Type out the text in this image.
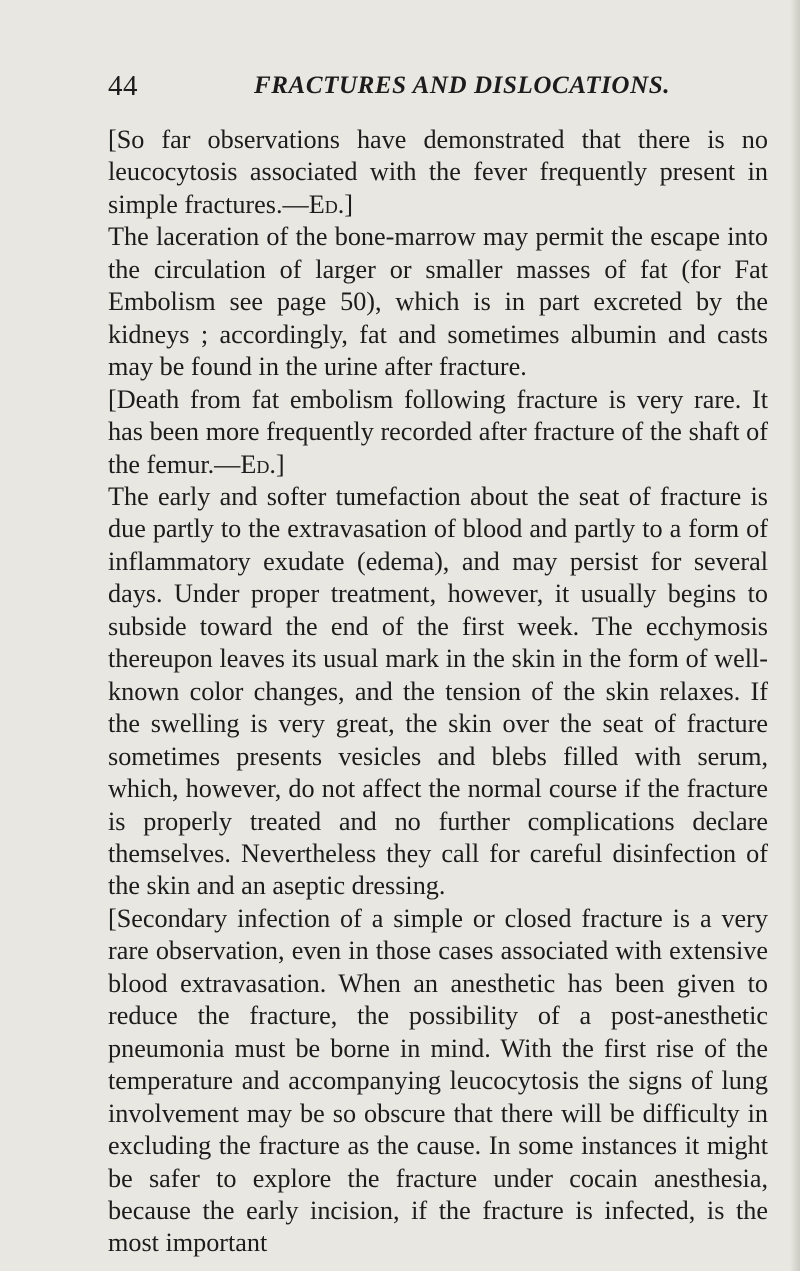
44	FRACTURES AND DISLOCATIONS.

[So far observations have demonstrated that there is no leucocytosis associated with the fever frequently present in simple fractures.—Ed.]

The laceration of the bone-marrow may permit the escape into the circulation of larger or smaller masses of fat (for Fat Embolism see page 50), which is in part excreted by the kidneys ; accordingly, fat and sometimes albumin and casts may be found in the urine after fracture.

[Death from fat embolism following fracture is very rare. It has been more frequently recorded after fracture of the shaft of the femur.—Ed.]

The early and softer tumefaction about the seat of fracture is due partly to the extravasation of blood and partly to a form of inflammatory exudate (edema), and may persist for several days. Under proper treatment, however, it usually begins to subside toward the end of the first week. The ecchymosis thereupon leaves its usual mark in the skin in the form of well-known color changes, and the tension of the skin relaxes. If the swelling is very great, the skin over the seat of fracture sometimes presents vesicles and blebs filled with serum, which, however, do not affect the normal course if the fracture is properly treated and no further complications declare themselves. Nevertheless they call for careful disinfection of the skin and an aseptic dressing.

[Secondary infection of a simple or closed fracture is a very rare observation, even in those cases associated with extensive blood extravasation. When an anesthetic has been given to reduce the fracture, the possibility of a post-anesthetic pneumonia must be borne in mind. With the first rise of the temperature and accompanying leucocytosis the signs of lung involvement may be so obscure that there will be difficulty in excluding the fracture as the cause. In some instances it might be safer to explore the fracture under cocain anesthesia, because the early incision, if the fracture is infected, is the most important
